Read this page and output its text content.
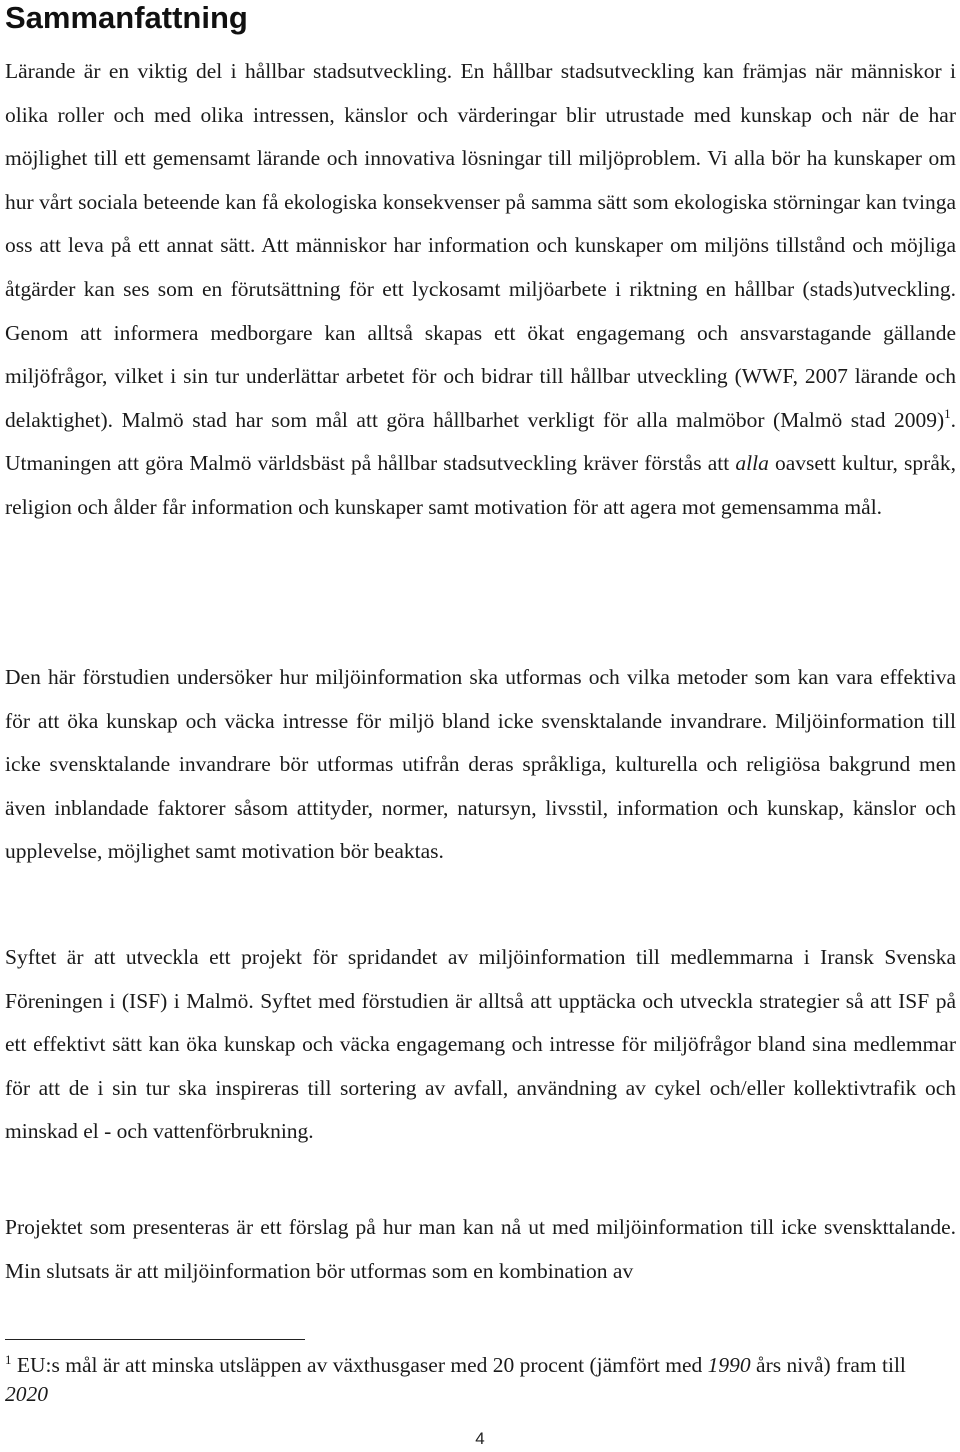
Sammanfattning

Lärande är en viktig del i hållbar stadsutveckling. En hållbar stadsutveckling kan främjas när människor i olika roller och med olika intressen, känslor och värderingar blir utrustade med kunskap och när de har möjlighet till ett gemensamt lärande och innovativa lösningar till miljöproblem. Vi alla bör ha kunskaper om hur vårt sociala beteende kan få ekologiska konsekvenser på samma sätt som ekologiska störningar kan tvinga oss att leva på ett annat sätt. Att människor har information och kunskaper om miljöns tillstånd och möjliga åtgärder kan ses som en förutsättning för ett lyckosamt miljöarbete i riktning en hållbar (stads)utveckling. Genom att informera medborgare kan alltså skapas ett ökat engagemang och ansvarstagande gällande miljöfrågor, vilket i sin tur underlättar arbetet för och bidrar till hållbar utveckling (WWF, 2007 lärande och delaktighet). Malmö stad har som mål att göra hållbarhet verkligt för alla malmöbor (Malmö stad 2009)$^1$. Utmaningen att göra Malmö världsbäst på hållbar stadsutveckling kräver förstås att alla oavsett kultur, språk, religion och ålder får information och kunskaper samt motivation för att agera mot gemensamma mål.

Den här förstudien undersöker hur miljöinformation ska utformas och vilka metoder som kan vara effektiva för att öka kunskap och väcka intresse för miljö bland icke svensktalande invandrare. Miljöinformation till icke svensktalande invandrare bör utformas utifrån deras språkliga, kulturella och religiösa bakgrund men även inblandade faktorer såsom attityder, normer, natursyn, livsstil, information och kunskap, känslor och upplevelse, möjlighet samt motivation bör beaktas.

Syftet är att utveckla ett projekt för spridandet av miljöinformation till medlemmarna i Iransk Svenska Föreningen i (ISF) i Malmö. Syftet med förstudien är alltså att upptäcka och utveckla strategier så att ISF på ett effektivt sätt kan öka kunskap och väcka engagemang och intresse för miljöfrågor bland sina medlemmar för att de i sin tur ska inspireras till sortering av avfall, användning av cykel och/eller kollektivtrafik och minskad el - och vattenförbrukning.

Projektet som presenteras är ett förslag på hur man kan nå ut med miljöinformation till icke svenskttalande. Min slutsats är att miljöinformation bör utformas som en kombination av

$^1$ EU:s mål är att minska utsläppen av växthusgaser med 20 procent (jämfört med 1990 års nivå) fram till 2020

4
